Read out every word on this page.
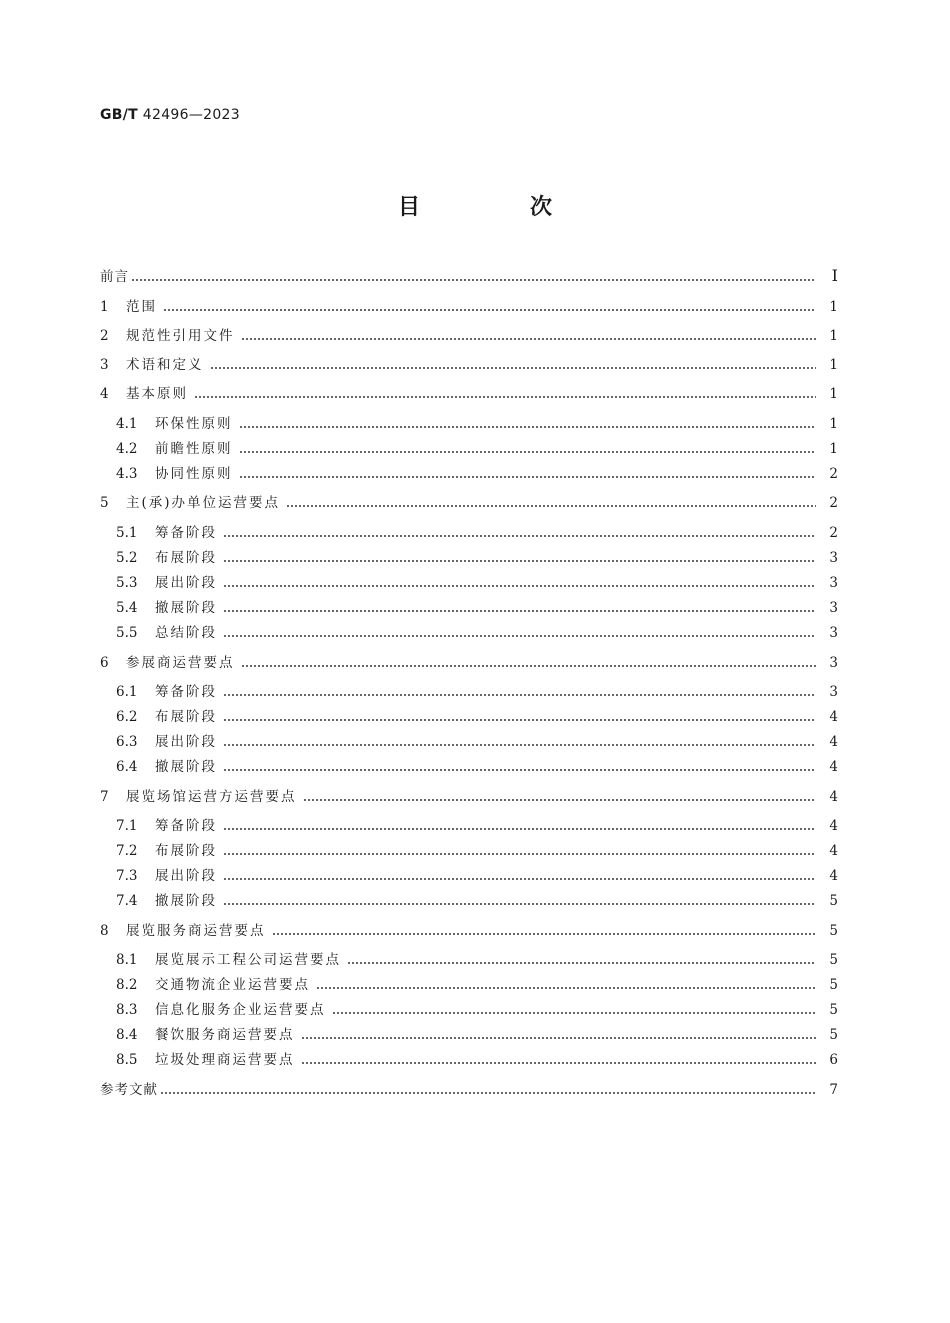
GB/T 42496—2023
目　次
前言	Ⅰ
1	范围	1
2	规范性引用文件	1
3	术语和定义	1
4	基本原则	1
4.1	环保性原则	1
4.2	前瞻性原则	1
4.3	协同性原则	2
5	主(承)办单位运营要点	2
5.1	筹备阶段	2
5.2	布展阶段	3
5.3	展出阶段	3
5.4	撤展阶段	3
5.5	总结阶段	3
6	参展商运营要点	3
6.1	筹备阶段	3
6.2	布展阶段	4
6.3	展出阶段	4
6.4	撤展阶段	4
7	展览场馆运营方运营要点	4
7.1	筹备阶段	4
7.2	布展阶段	4
7.3	展出阶段	4
7.4	撤展阶段	5
8	展览服务商运营要点	5
8.1	展览展示工程公司运营要点	5
8.2	交通物流企业运营要点	5
8.3	信息化服务企业运营要点	5
8.4	餐饮服务商运营要点	5
8.5	垃圾处理商运营要点	6
参考文献	7
